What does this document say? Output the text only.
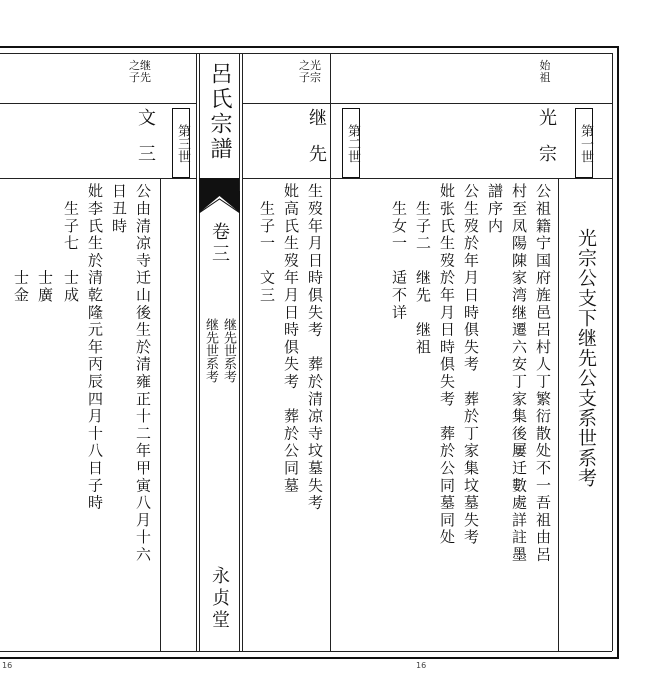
呂氏宗譜
卷三
继先世系考 继先世系考
永贞堂
之继
子先
文　三 第三世
公由清凉寺迁山後生於清雍正十二年甲寅八月十六
日丑時
妣李氏生於清乾隆元年丙辰四月十八日子時
　生子七　士成
　　　　　士廣
　　　　　士金
之光
子宗
继　先 第二世
生歿年月日時俱失考　葬於清凉寺坟墓失考
妣高氏生歿年月日時俱失考　葬於公同墓
　生子一　文三
始
祖
光　宗 第一世
公祖籍宁国府旌邑呂村人丁繁衍散处不一吾祖由呂
村至凤陽陳家湾继遷六安丁家集後屢迁數處詳註墨
譜序内
公生歿於年月日時俱失考　葬於丁家集坟墓失考
妣张氏生歿於年月日時俱失考　葬於公同墓同处
　生子二　继先　继祖
　生女一　适不详	光宗公支下继先公支系世系考
16	16
